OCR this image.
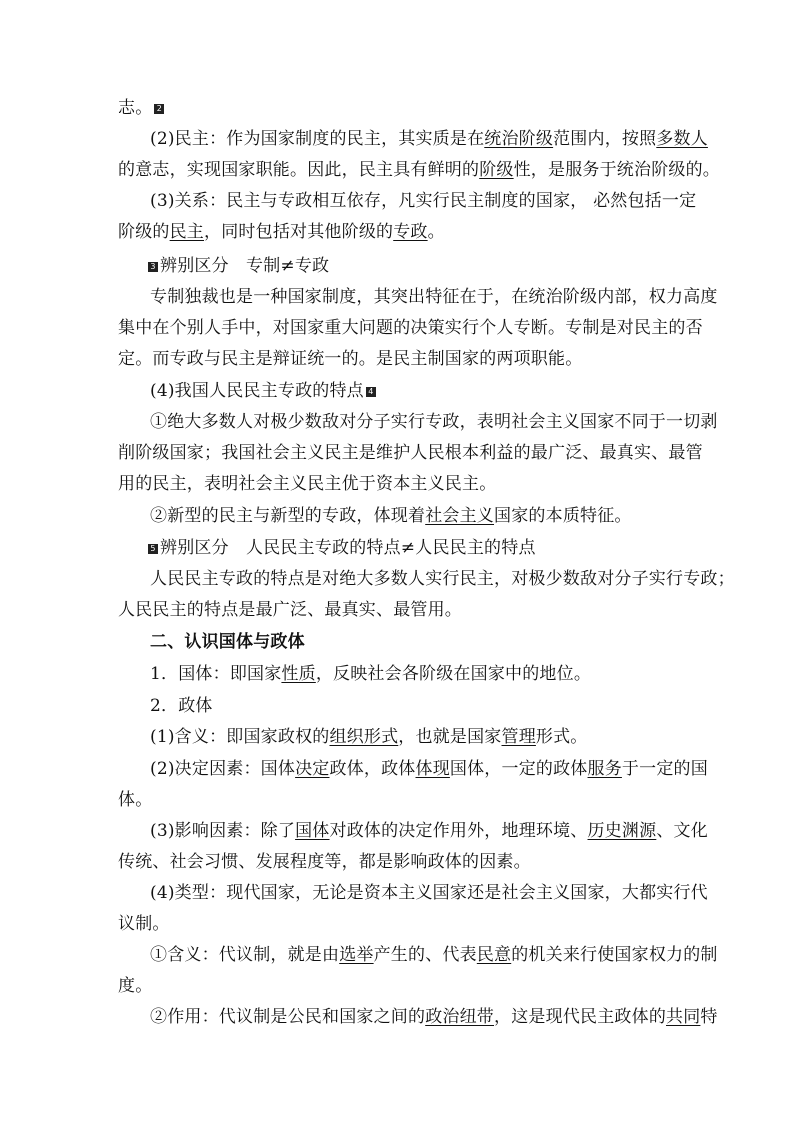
志。 2
(2)民主：作为国家制度的民主，其实质是在统治阶级范围内，按照多数人
的意志，实现国家职能。因此，民主具有鲜明的阶级性，是服务于统治阶级的。
(3)关系：民主与专政相互依存，凡实行民主制度的国家， 必然包括一定
阶级的民主，同时包括对其他阶级的专政。
3 辨别区分　专制≠专政
专制独裁也是一种国家制度，其突出特征在于，在统治阶级内部，权力高度
集中在个别人手中，对国家重大问题的决策实行个人专断。专制是对民主的否
定。而专政与民主是辩证统一的。是民主制国家的两项职能。
(4)我国人民民主专政的特点 4
①绝大多数人对极少数敌对分子实行专政，表明社会主义国家不同于一切剥
削阶级国家；我国社会主义民主是维护人民根本利益的最广泛、最真实、最管
用的民主，表明社会主义民主优于资本主义民主。
②新型的民主与新型的专政，体现着社会主义国家的本质特征。
5 辨别区分　人民民主专政的特点≠人民民主的特点
人民民主专政的特点是对绝大多数人实行民主，对极少数敌对分子实行专政；
人民民主的特点是最广泛、最真实、最管用。
二、认识国体与政体
1．国体：即国家性质，反映社会各阶级在国家中的地位。
2．政体
(1)含义：即国家政权的组织形式，也就是国家管理形式。
(2)决定因素：国体决定政体，政体体现国体，一定的政体服务于一定的国
体。
(3)影响因素：除了国体对政体的决定作用外，地理环境、历史渊源、文化
传统、社会习惯、发展程度等，都是影响政体的因素。
(4)类型：现代国家，无论是资本主义国家还是社会主义国家，大都实行代
议制。
①含义：代议制，就是由选举产生的、代表民意的机关来行使国家权力的制
度。
②作用：代议制是公民和国家之间的政治纽带，这是现代民主政体的共同特
